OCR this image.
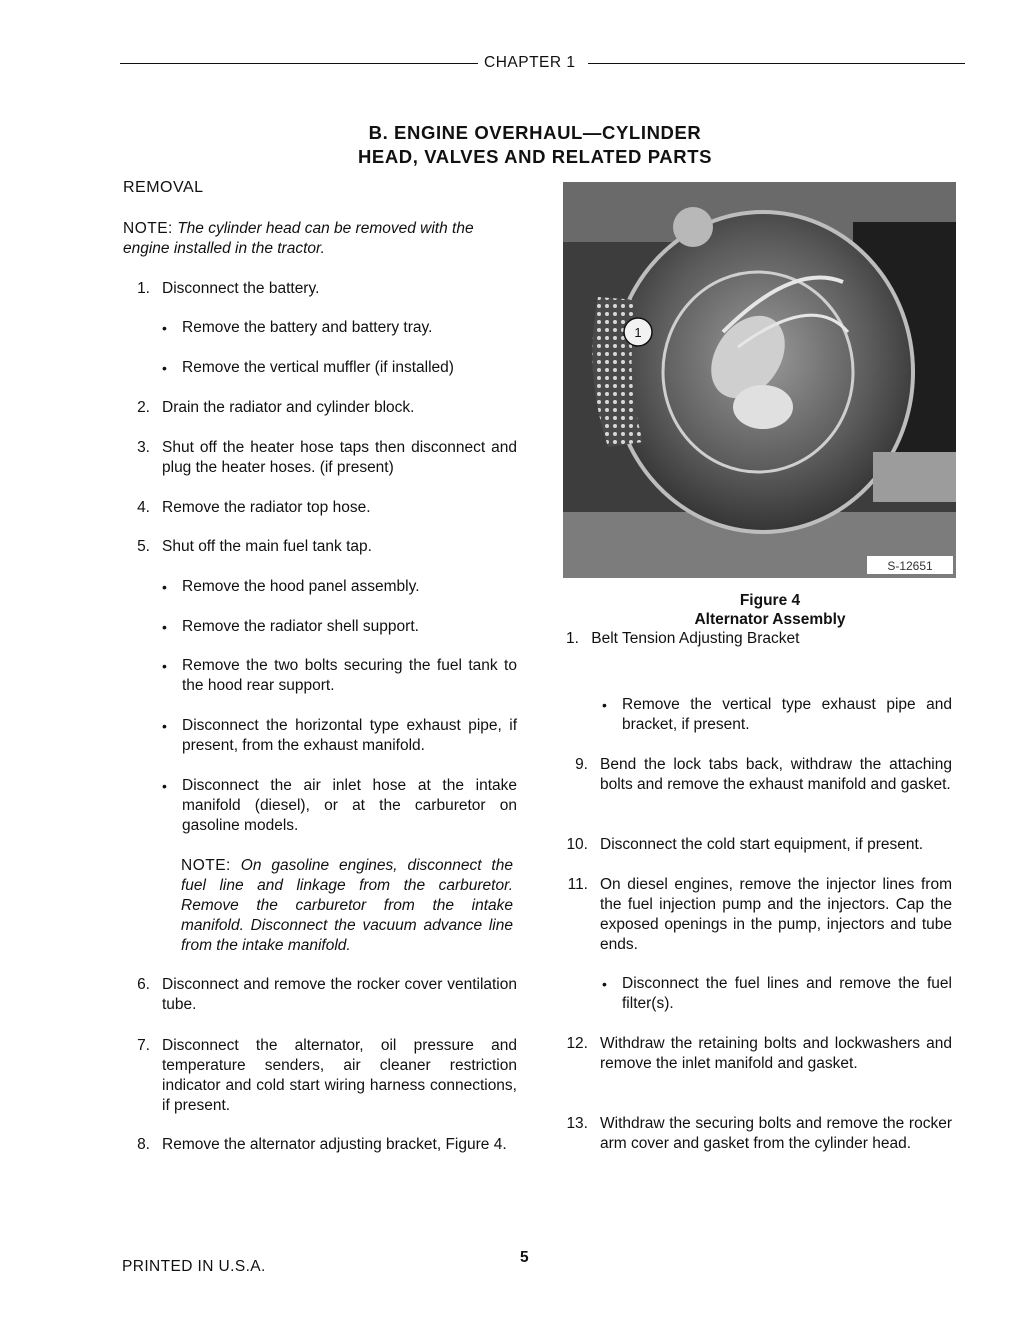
CHAPTER 1
B. ENGINE OVERHAUL—CYLINDER
HEAD, VALVES AND RELATED PARTS
REMOVAL
NOTE: The cylinder head can be removed with the engine installed in the tractor.
1. Disconnect the battery.
• Remove the battery and battery tray.
• Remove the vertical muffler (if installed)
2. Drain the radiator and cylinder block.
3. Shut off the heater hose taps then disconnect and plug the heater hoses. (if present)
4. Remove the radiator top hose.
5. Shut off the main fuel tank tap.
• Remove the hood panel assembly.
• Remove the radiator shell support.
• Remove the two bolts securing the fuel tank to the hood rear support.
• Disconnect the horizontal type exhaust pipe, if present, from the exhaust manifold.
• Disconnect the air inlet hose at the intake manifold (diesel), or at the carburetor on gasoline models.
NOTE: On gasoline engines, disconnect the fuel line and linkage from the carburetor. Remove the carburetor from the intake manifold. Disconnect the vacuum advance line from the intake manifold.
6. Disconnect and remove the rocker cover ventilation tube.
7. Disconnect the alternator, oil pressure and temperature senders, air cleaner restriction indicator and cold start wiring harness connections, if present.
8. Remove the alternator adjusting bracket, Figure 4.
1
S-12651
Figure 4
Alternator Assembly
1. Belt Tension Adjusting Bracket
• Remove the vertical type exhaust pipe and bracket, if present.
9. Bend the lock tabs back, withdraw the attaching bolts and remove the exhaust manifold and gasket.
10. Disconnect the cold start equipment, if present.
11. On diesel engines, remove the injector lines from the fuel injection pump and the injectors. Cap the exposed openings in the pump, injectors and tube ends.
• Disconnect the fuel lines and remove the fuel filter(s).
12. Withdraw the retaining bolts and lockwashers and remove the inlet manifold and gasket.
13. Withdraw the securing bolts and remove the rocker arm cover and gasket from the cylinder head.
PRINTED IN U.S.A.
5
